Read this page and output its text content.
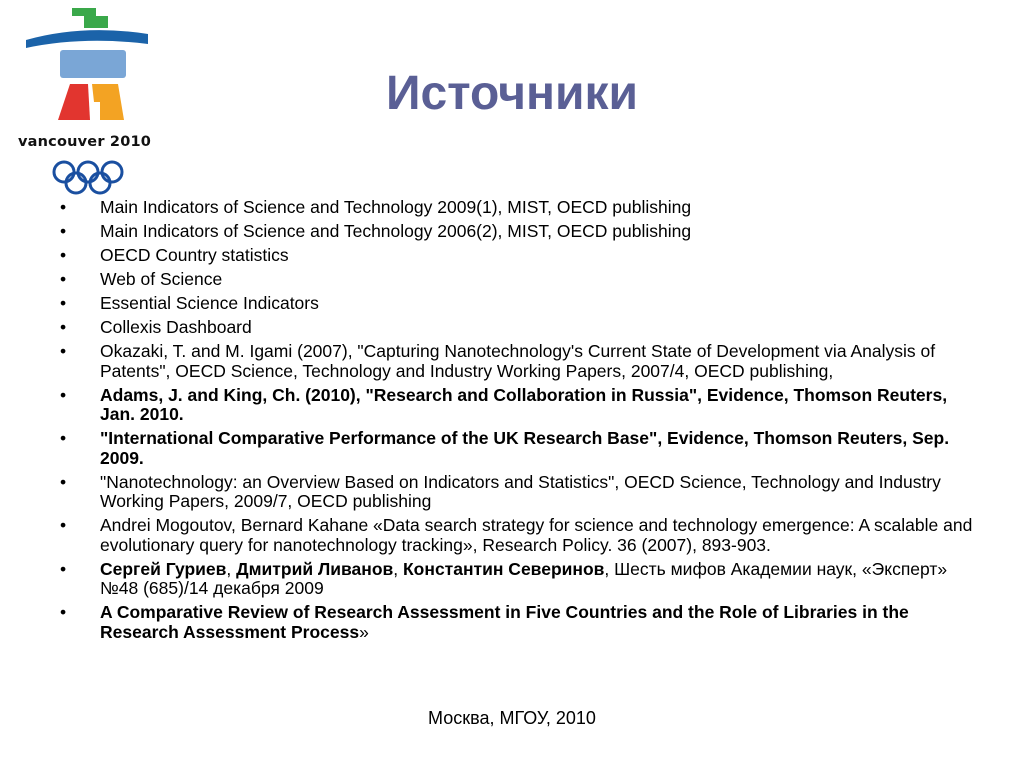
vancouver 2010
Источники
•	Main Indicators of Science and Technology 2009(1), MIST, OECD publishing
•	Main Indicators of Science and Technology 2006(2), MIST, OECD publishing
•	OECD Country statistics
•	Web of Science
•	Essential Science Indicators
•	Collexis Dashboard
•	Okazaki, T. and M. Igami (2007), "Capturing Nanotechnology's Current State of Development via Analysis of Patents", OECD Science, Technology and Industry Working Papers, 2007/4, OECD publishing,
•	Adams, J. and King, Ch. (2010), "Research and Collaboration in Russia", Evidence, Thomson Reuters, Jan. 2010.
•	"International Comparative Performance of the UK Research Base", Evidence, Thomson Reuters, Sep. 2009.
•	"Nanotechnology: an Overview Based on Indicators and Statistics", OECD Science, Technology and Industry Working Papers, 2009/7, OECD publishing
•	Andrei Mogoutov, Bernard Kahane «Data search strategy for science and technology emergence: A scalable and evolutionary query for nanotechnology tracking», Research Policy. 36 (2007), 893-903.
•	Сергей Гуриев, Дмитрий Ливанов, Константин Северинов, Шесть мифов Академии наук, «Эксперт» №48 (685)/14 декабря 2009
•	A Comparative Review of Research Assessment in Five Countries and the Role of Libraries in the Research Assessment Process»
Москва, МГОУ, 2010
